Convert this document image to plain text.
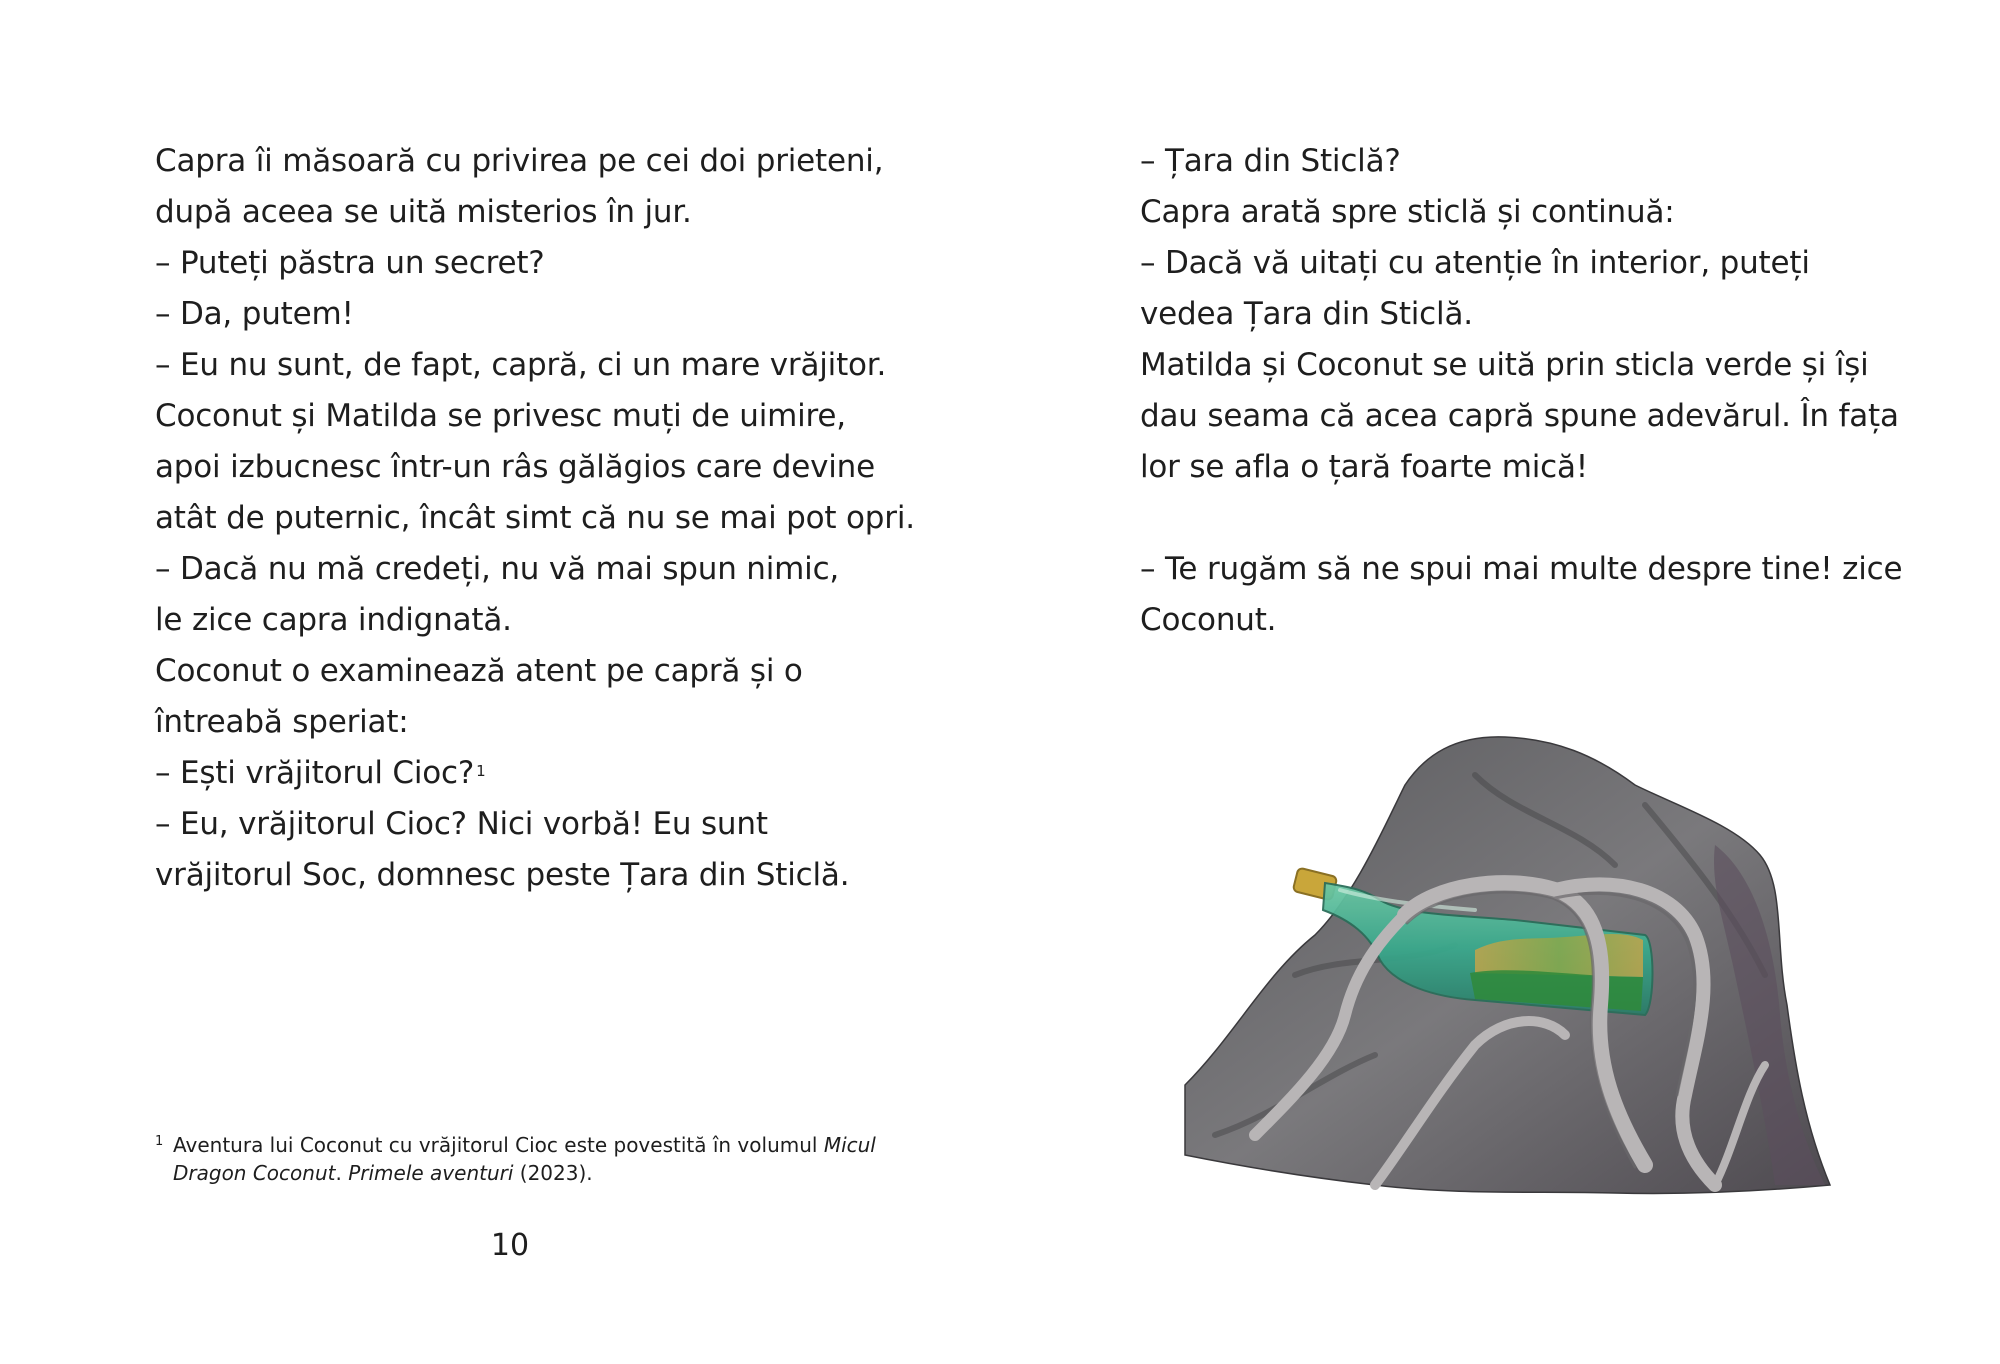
Capra îi măsoară cu privirea pe cei doi prieteni,
după aceea se uită misterios în jur.
– Puteți păstra un secret?
– Da, putem!
– Eu nu sunt, de fapt, capră, ci un mare vrăjitor.
Coconut și Matilda se privesc muți de uimire,
apoi izbucnesc într-un râs gălăgios care devine
atât de puternic, încât simt că nu se mai pot opri.
– Dacă nu mă credeți, nu vă mai spun nimic,
le zice capra indignată.
Coconut o examinează atent pe capră și o
întreabă speriat:
– Ești vrăjitorul Cioc? $^1$
– Eu, vrăjitorul Cioc? Nici vorbă! Eu sunt
vrăjitorul Soc, domnesc peste Țara din Sticlă.
1 Aventura lui Coconut cu vrăjitorul Cioc este povestită în volumul Micul
Dragon Coconut. Primele aventuri (2023).
10
– Țara din Sticlă?
Capra arată spre sticlă și continuă:
– Dacă vă uitați cu atenție în interior, puteți
vedea Țara din Sticlă.
Matilda și Coconut se uită prin sticla verde și își
dau seama că acea capră spune adevărul. În fața
lor se afla o țară foarte mică!
– Te rugăm să ne spui mai multe despre tine! zice
Coconut.
